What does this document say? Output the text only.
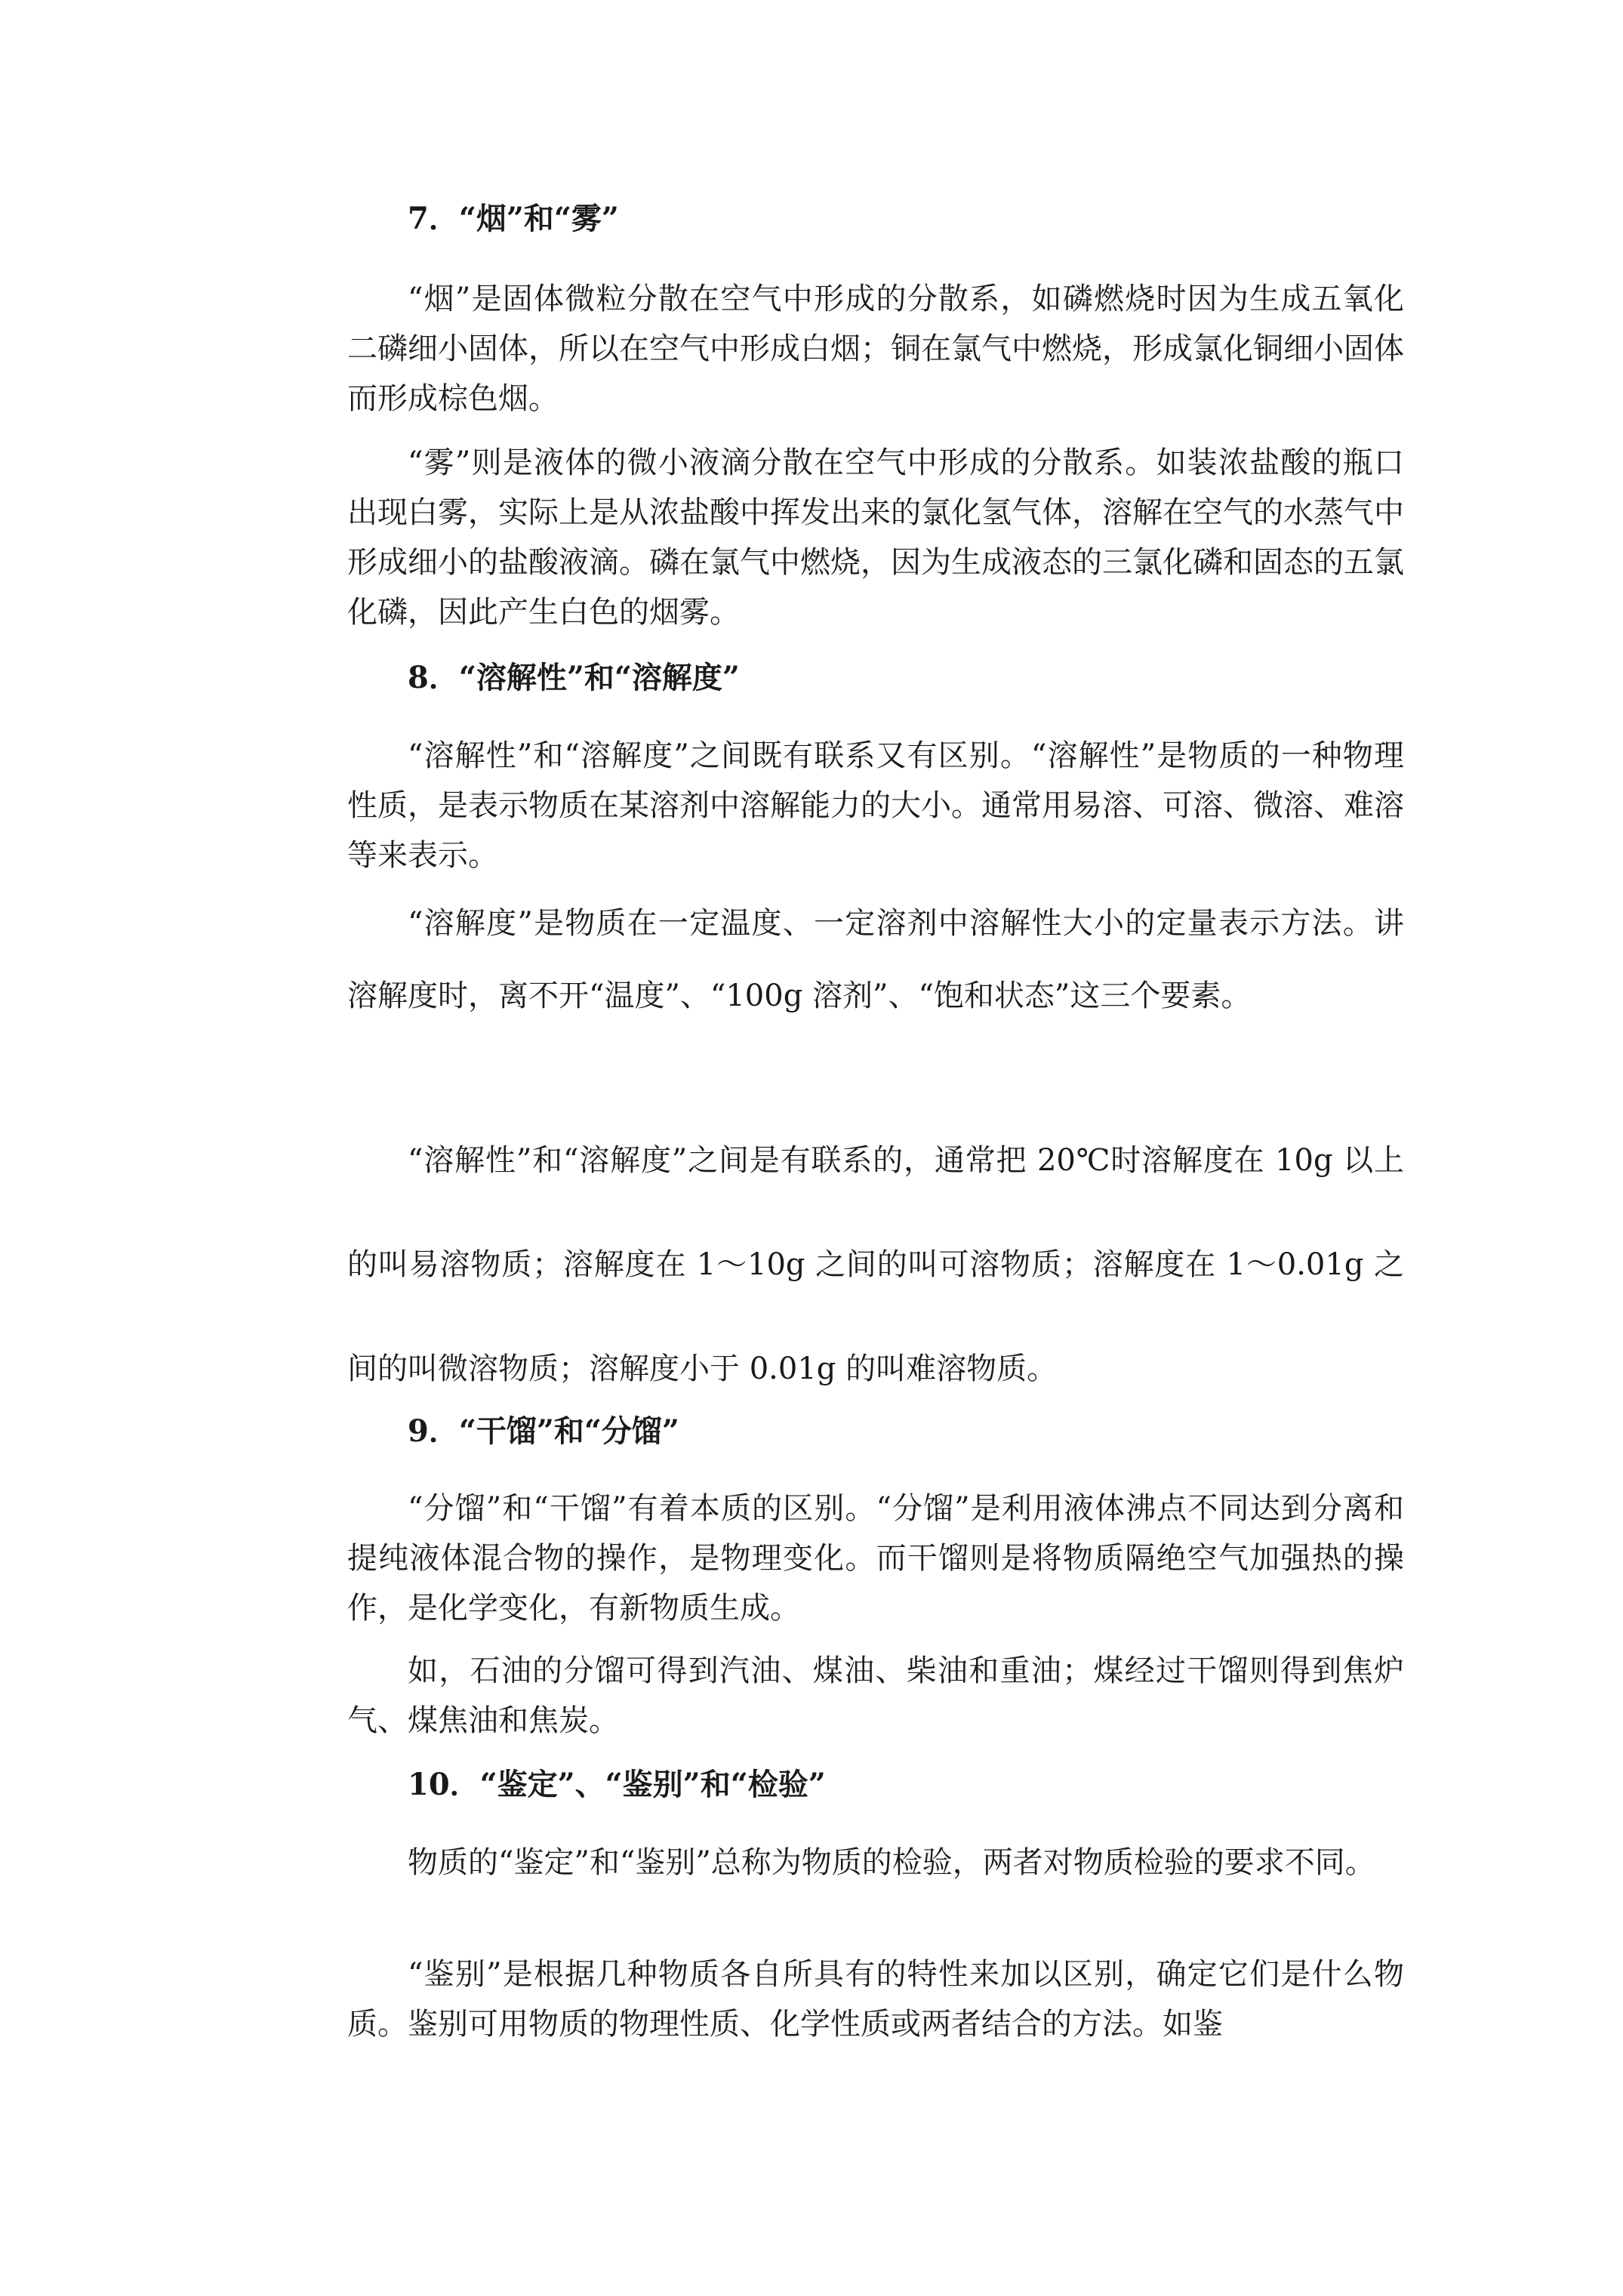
7．“烟”和“雾”

“烟”是固体微粒分散在空气中形成的分散系，如磷燃烧时因为生成五氧化二磷细小固体，所以在空气中形成白烟；铜在氯气中燃烧，形成氯化铜细小固体而形成棕色烟。

“雾”则是液体的微小液滴分散在空气中形成的分散系。如装浓盐酸的瓶口出现白雾，实际上是从浓盐酸中挥发出来的氯化氢气体，溶解在空气的水蒸气中形成细小的盐酸液滴。磷在氯气中燃烧，因为生成液态的三氯化磷和固态的五氯化磷，因此产生白色的烟雾。

8．“溶解性”和“溶解度”

“溶解性”和“溶解度”之间既有联系又有区别。“溶解性”是物质的一种物理性质，是表示物质在某溶剂中溶解能力的大小。通常用易溶、可溶、微溶、难溶等来表示。

“溶解度”是物质在一定温度、一定溶剂中溶解性大小的定量表示方法。讲溶解度时，离不开“温度”、“100g 溶剂”、“饱和状态”这三个要素。

“溶解性”和“溶解度”之间是有联系的，通常把 20℃时溶解度在 10g 以上的叫易溶物质；溶解度在 1～10g 之间的叫可溶物质；溶解度在 1～0.01g 之间的叫微溶物质；溶解度小于 0.01g 的叫难溶物质。

9．“干馏”和“分馏”

“分馏”和“干馏”有着本质的区别。“分馏”是利用液体沸点不同达到分离和提纯液体混合物的操作，是物理变化。而干馏则是将物质隔绝空气加强热的操作，是化学变化，有新物质生成。

如，石油的分馏可得到汽油、煤油、柴油和重油；煤经过干馏则得到焦炉气、煤焦油和焦炭。

10．“鉴定”、“鉴别”和“检验”

物质的“鉴定”和“鉴别”总称为物质的检验，两者对物质检验的要求不同。

“鉴别”是根据几种物质各自所具有的特性来加以区别，确定它们是什么物质。鉴别可用物质的物理性质、化学性质或两者结合的方法。如鉴
